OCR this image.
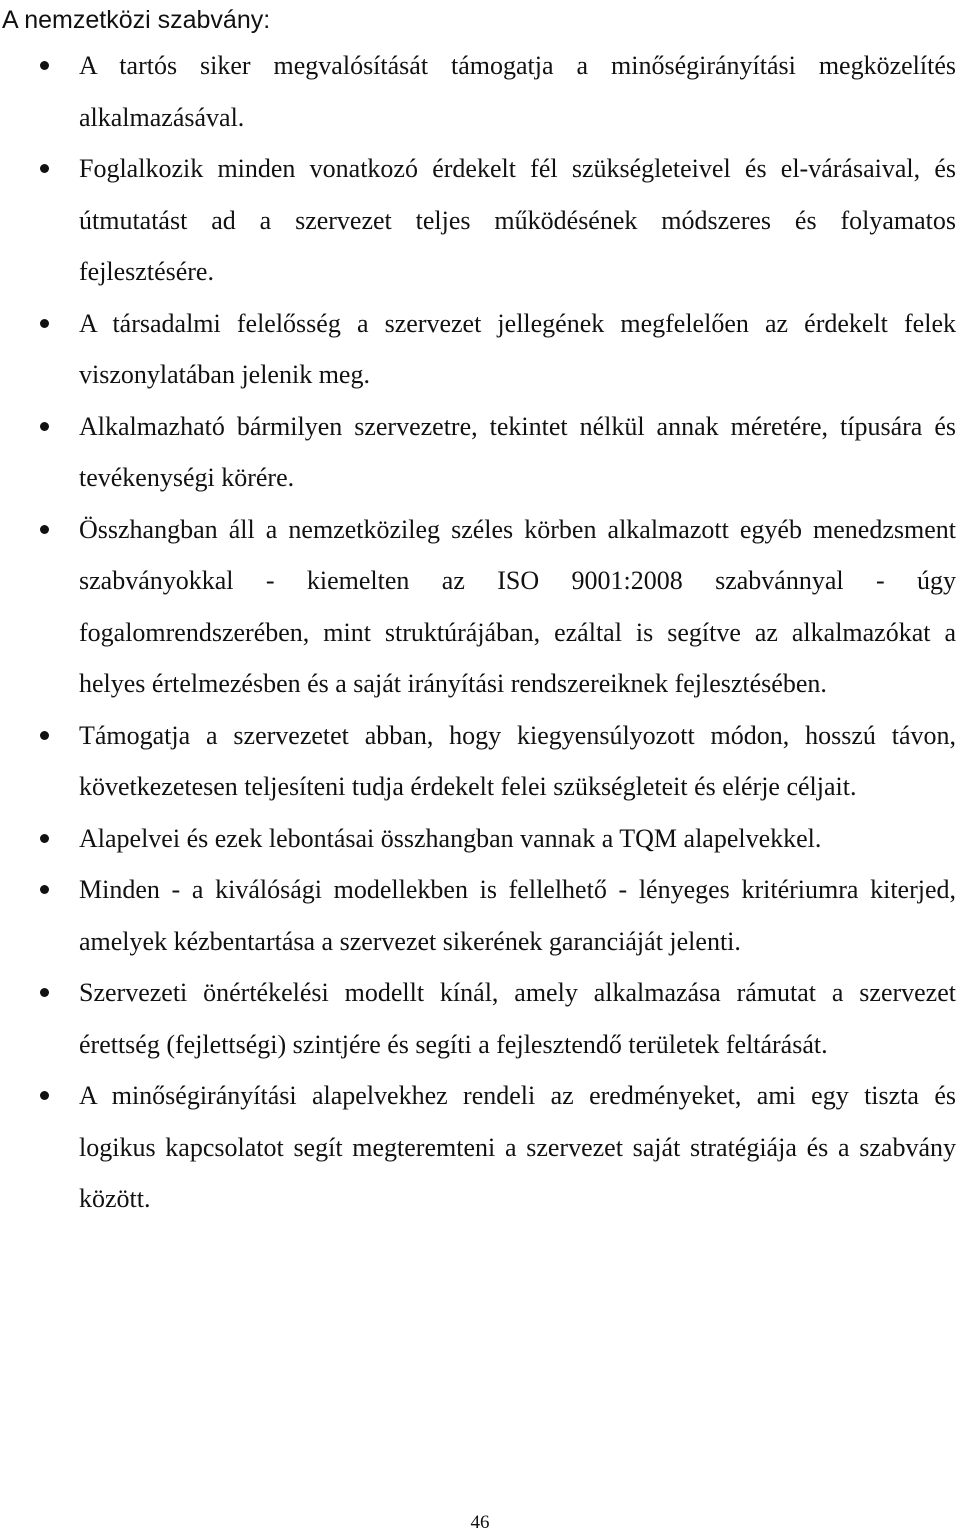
A nemzetközi szabvány:

A tartós siker megvalósítását támogatja a minőségirányítási megközelítés alkalmazásával.
Foglalkozik minden vonatkozó érdekelt fél szükségleteivel és el-várásaival, és útmutatást ad a szervezet teljes működésének módszeres és folyamatos fejlesztésére.
A társadalmi felelősség a szervezet jellegének megfelelően az érdekelt felek viszonylatában jelenik meg.
Alkalmazható bármilyen szervezetre, tekintet nélkül annak méretére, típusára és tevékenységi körére.
Összhangban áll a nemzetközileg széles körben alkalmazott egyéb menedzsment szabványokkal - kiemelten az ISO 9001:2008 szabvánnyal - úgy fogalomrendszerében, mint struktúrájában, ezáltal is segítve az alkalmazókat a helyes értelmezésben és a saját irányítási rendszereiknek fejlesztésében.
Támogatja a szervezetet abban, hogy kiegyensúlyozott módon, hosszú távon, következetesen teljesíteni tudja érdekelt felei szükségleteit és elérje céljait.
Alapelvei és ezek lebontásai összhangban vannak a TQM alapelvekkel.
Minden - a kiválósági modellekben is fellelhető - lényeges kritériumra kiterjed, amelyek kézbentartása a szervezet sikerének garanciáját jelenti.
Szervezeti önértékelési modellt kínál, amely alkalmazása rámutat a szervezet érettség (fejlettségi) szintjére és segíti a fejlesztendő területek feltárását.
A minőségirányítási alapelvekhez rendeli az eredményeket, ami egy tiszta és logikus kapcsolatot segít megteremteni a szervezet saját stratégiája és a szabvány között.

46
